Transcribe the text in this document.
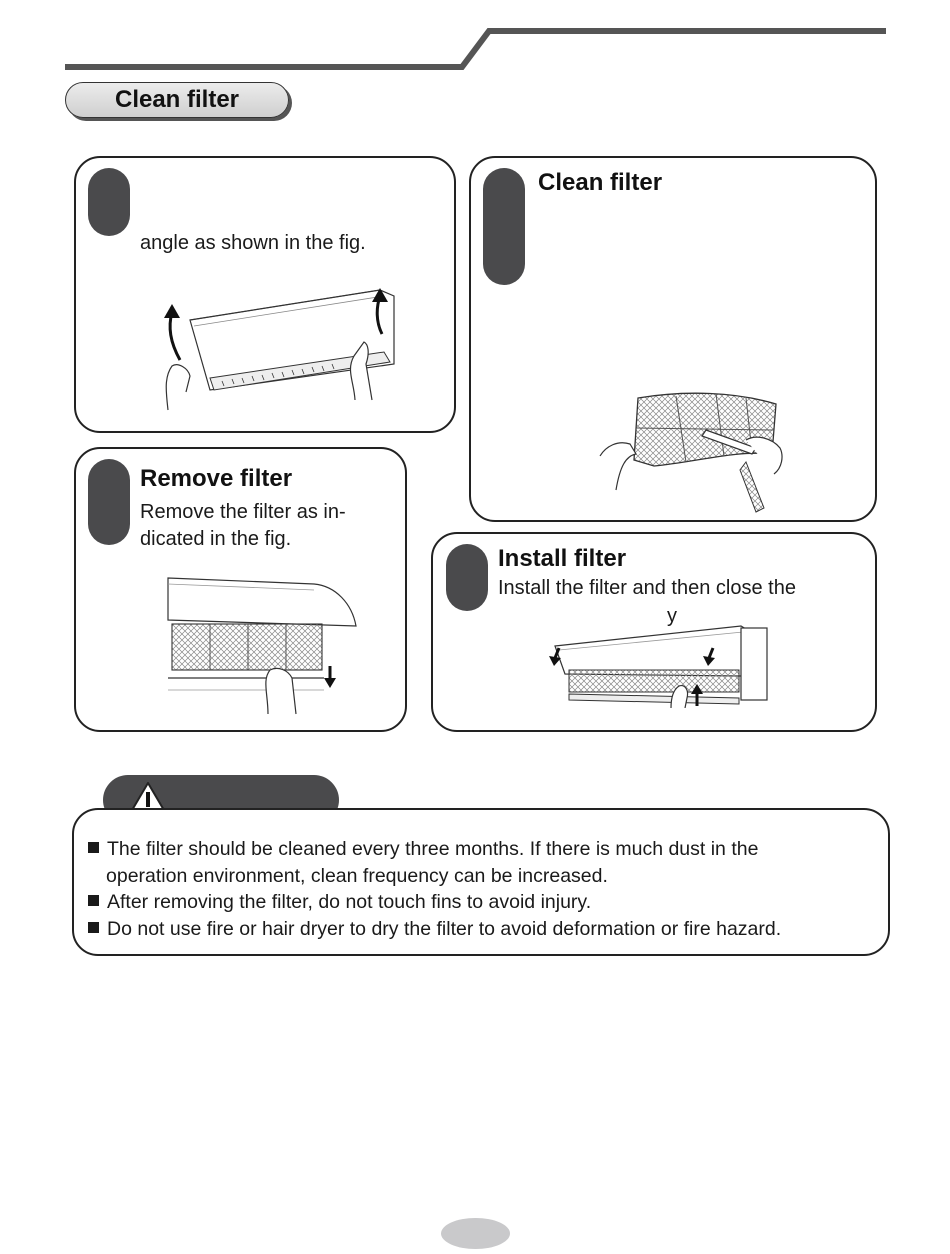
Clean filter
angle as shown in the fig.
Clean filter
Remove filter
Remove the filter as in-
dicated in the fig.
Install filter
Install the filter and then close the
y
The filter should be cleaned every three months. If there is much dust in the
operation environment, clean frequency can be increased.
After removing the filter, do not touch fins to avoid injury.
Do not use fire or hair dryer to dry the filter to avoid deformation or fire hazard.
